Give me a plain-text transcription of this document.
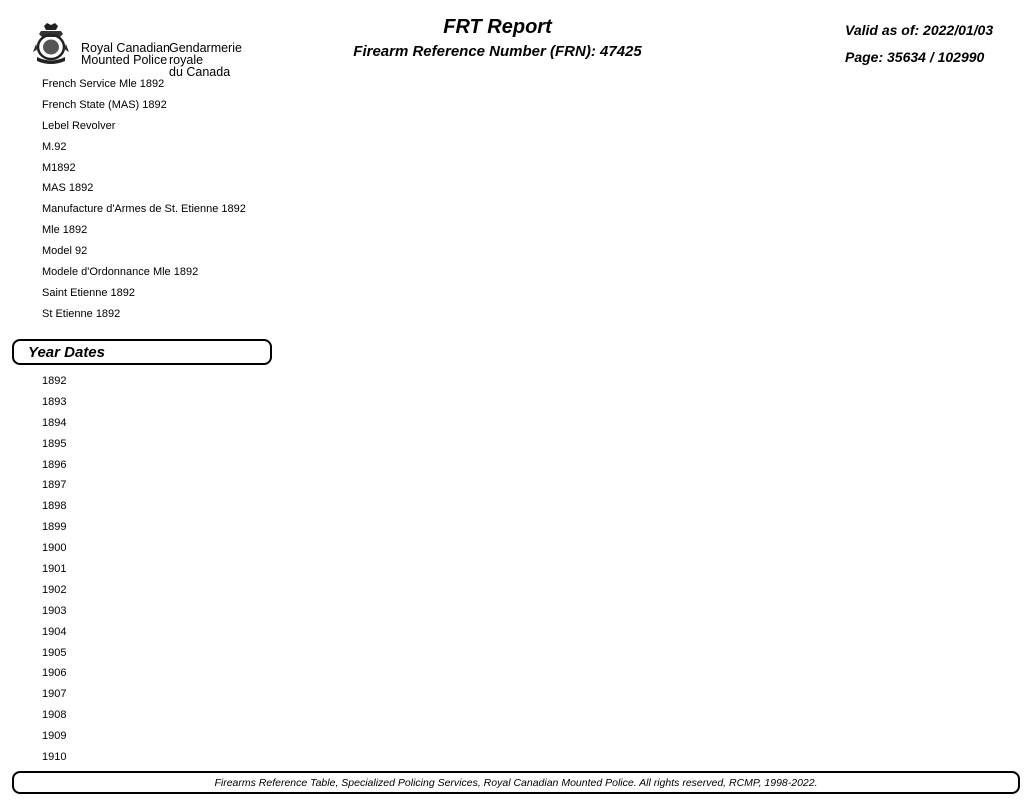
Royal Canadian
Mounted Police
Gendarmerie royale
du Canada
FRT Report
Firearm Reference Number (FRN): 47425
Valid as of: 2022/01/03
Page: 35634 / 102990
French Service Mle 1892
French State (MAS) 1892
Lebel Revolver
M.92
M1892
MAS 1892
Manufacture d'Armes de St. Etienne 1892
Mle 1892
Model 92
Modele d'Ordonnance Mle 1892
Saint Etienne 1892
St Etienne 1892
Year Dates
1892
1893
1894
1895
1896
1897
1898
1899
1900
1901
1902
1903
1904
1905
1906
1907
1908
1909
1910
Firearms Reference Table, Specialized Policing Services, Royal Canadian Mounted Police. All rights reserved, RCMP, 1998-2022.
